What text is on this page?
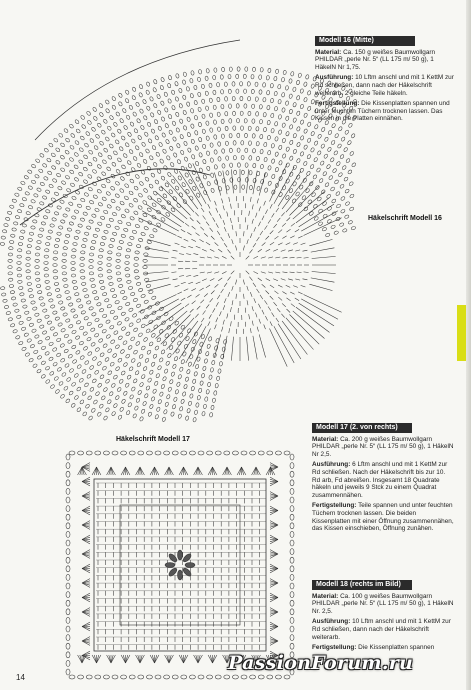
Häkelschrift Modell 16
Häkelschrift Modell 17
Modell 16 (Mitte)

Material: Ca. 150 g weißes Baumwollgarn PHILDAR „perle Nr. 5“ (LL 175 m/ 50 g), 1 HäkelN Nr 1,75.

Ausführung: 10 Lftm anschl und mit 1 KettM zur Rd schließen, dann nach der Häkelschrift weiterarb. 2 gleiche Teile häkeln.

Fertigstellung: Die Kissenplatten spannen und unter feuchten Tüchern trocknen lassen. Das Kissen in die Platten einnähen.

Modell 17 (2. von rechts)

Material: Ca. 200 g weißes Baumwollgarn PHILDAR „perle Nr. 5“ (LL 175 m/ 50 g), 1 HäkelN Nr 2,5.

Ausführung: 6 Lftm anschl und mit 1 KettM zur Rd schließen. Nach der Häkelschrift bis zur 10. Rd arb, Fd abreißen. Insgesamt 18 Quadrate häkeln und jeweils 9 Stck zu einem Quadrat zusammennähen.

Fertigstellung: Teile spannen und unter feuchten Tüchern trocknen lassen. Die beiden Kissenplatten mit einer Öffnung zusammennähen, das Kissen einschieben, Öffnung zunähen.

Modell 18 (rechts im Bild)

Material: Ca. 100 g weißes Baumwollgarn PHILDAR „perle Nr. 5“ (LL 175 m/ 50 g), 1 HäkelN Nr. 2,5.

Ausführung: 10 Lftm anschl und mit 1 KettM zur Rd schließen, dann nach der Häkelschrift weiterarb.

Fertigstellung: Die Kissenplatten spannen

14
PassionForum.ru
